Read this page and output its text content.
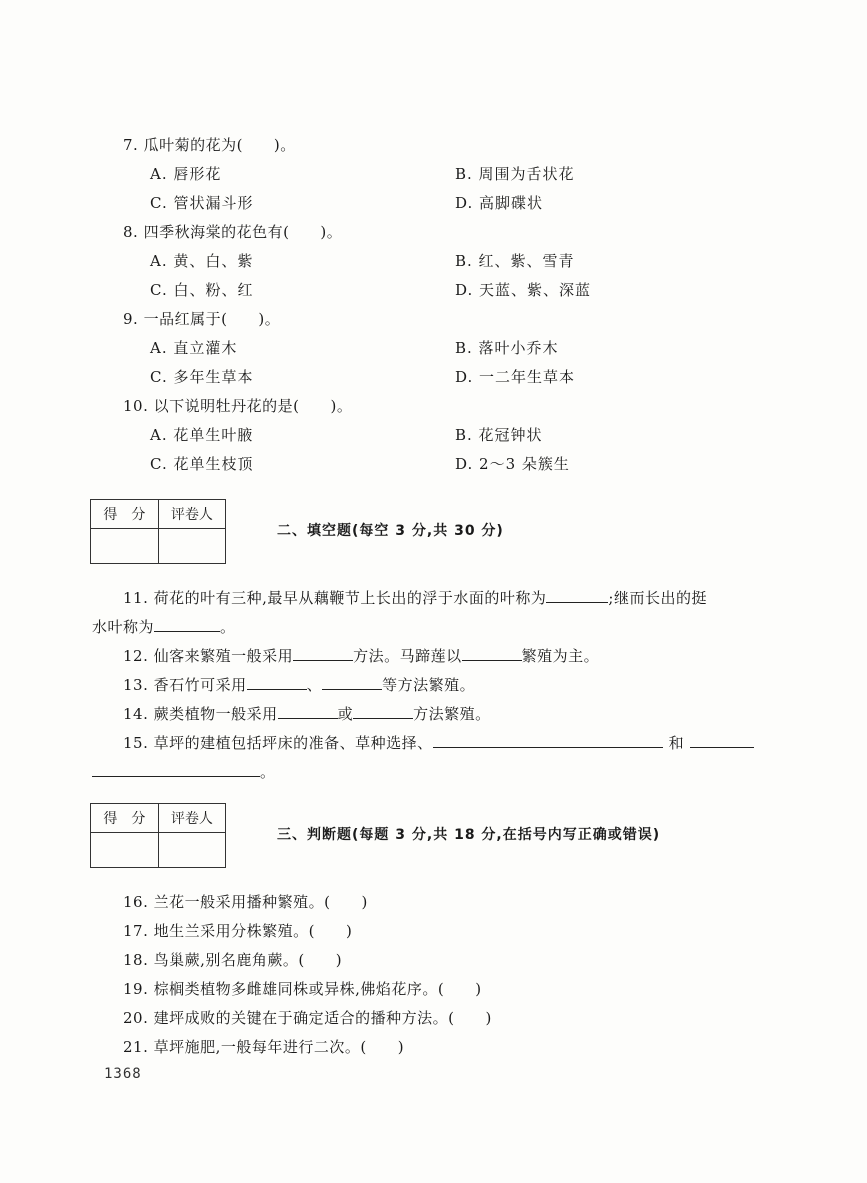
7. 瓜叶菊的花为(　　)。
A. 唇形花	B. 周围为舌状花
C. 管状漏斗形	D. 高脚碟状
8. 四季秋海棠的花色有(　　)。
A. 黄、白、紫	B. 红、紫、雪青
C. 白、粉、红	D. 天蓝、紫、深蓝
9. 一品红属于(　　)。
A. 直立灌木	B. 落叶小乔木
C. 多年生草本	D. 一二年生草本
10. 以下说明牡丹花的是(　　)。
A. 花单生叶腋	B. 花冠钟状
C. 花单生枝顶	D. 2～3 朵簇生
得　分	评卷人

二、填空题(每空 3 分,共 30 分)
11. 荷花的叶有三种,最早从藕鞭节上长出的浮于水面的叶称为	;继而长出的挺
水叶称为	。
12. 仙客来繁殖一般采用	方法。马蹄莲以	繁殖为主。
13. 香石竹可采用	、	等方法繁殖。
14. 蕨类植物一般采用	或	方法繁殖。
15. 草坪的建植包括坪床的准备、草种选择、	和
。
得　分	评卷人

三、判断题(每题 3 分,共 18 分,在括号内写正确或错误)
16. 兰花一般采用播种繁殖。(　　)
17. 地生兰采用分株繁殖。(　　)
18. 鸟巢蕨,别名鹿角蕨。(　　)
19. 棕榈类植物多雌雄同株或异株,佛焰花序。(　　)
20. 建坪成败的关键在于确定适合的播种方法。(　　)
21. 草坪施肥,一般每年进行二次。(　　)
1368
